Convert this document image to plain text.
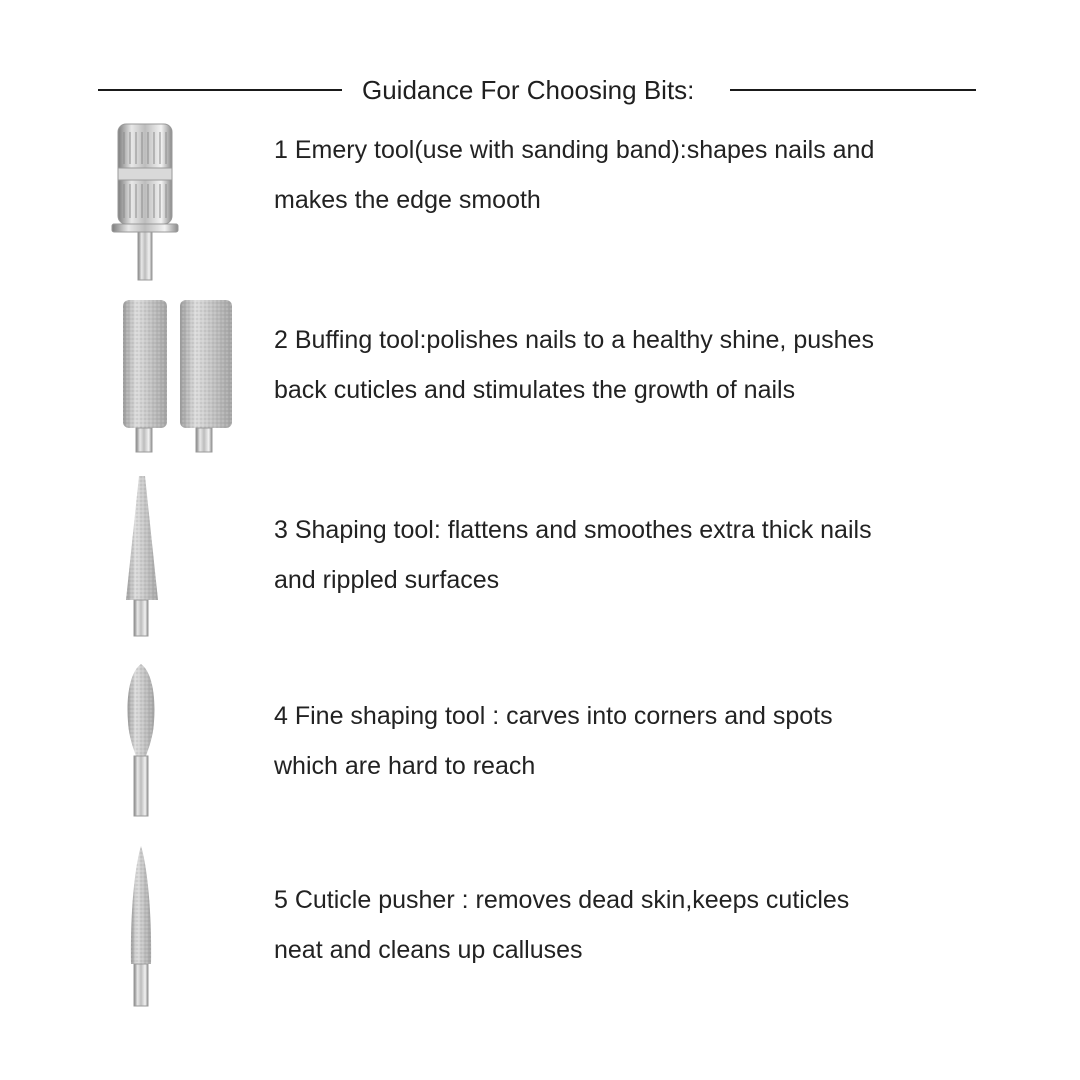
Guidance For Choosing Bits:
1 Emery tool(use with sanding band):shapes nails and
makes the edge smooth
2 Buffing tool:polishes nails to a healthy shine, pushes
back cuticles and stimulates the growth of nails
3 Shaping tool: flattens and smoothes extra thick nails
and rippled surfaces
4 Fine shaping tool : carves into corners and spots
which are hard to reach
5 Cuticle pusher : removes dead skin,keeps cuticles
neat and cleans up calluses
